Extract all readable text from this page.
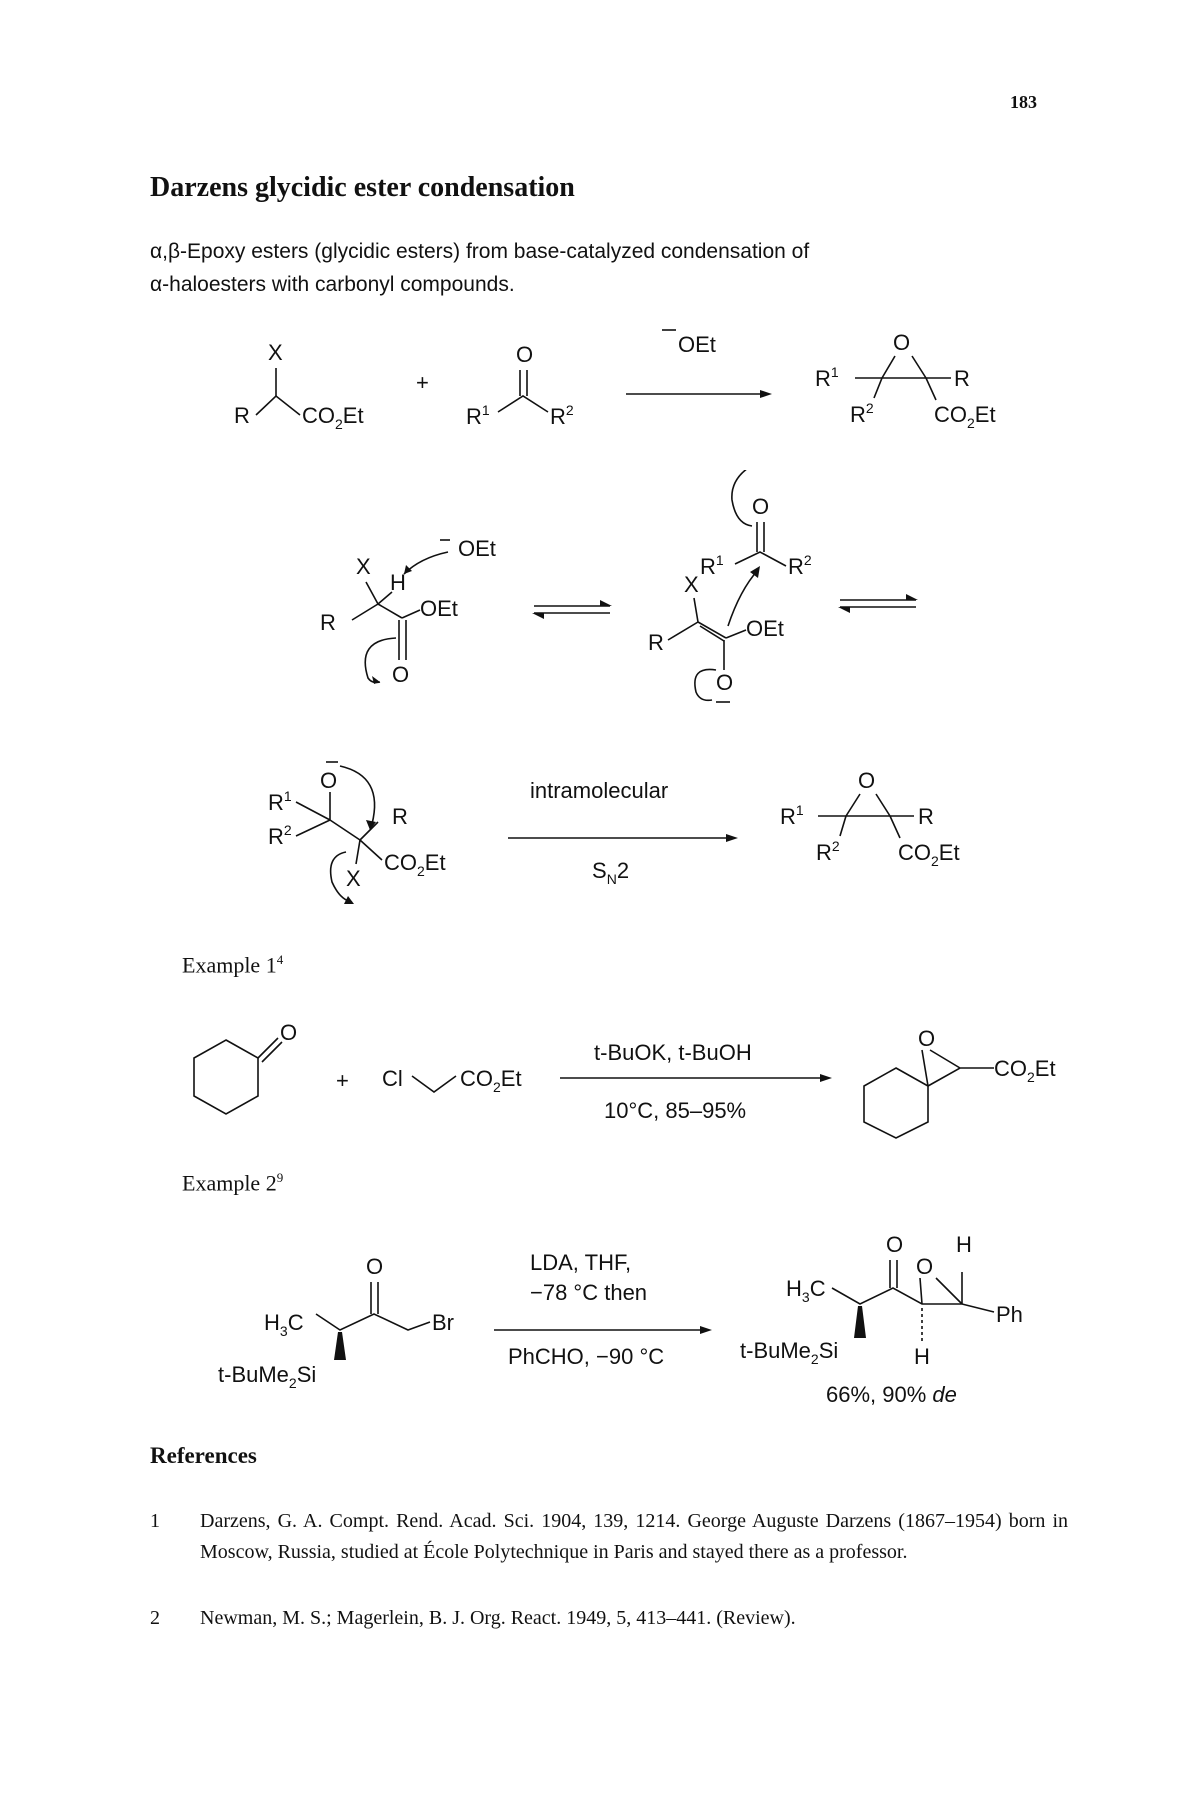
183
Darzens glycidic ester condensation
α,β-Epoxy esters (glycidic esters) from base-catalyzed condensation of
α-haloesters with carbonyl compounds.
X
R $CO_2Et$
+
O
$R^1$	$R^2$
OEt	O
$R^1$	R
$R^2$	$CO_2Et$
OEt
X
H
R
OEt
O
O
$R^1$	$R^2$
X
R
OEt
O
O
$R^1$
$R^2$
R
$CO_2Et$
X
intramolecular
$S_N2$
O
$R^1$	R
$R^2$	$CO_2Et$
Example $1^4$
O
+ Cl	$CO_2Et$
t-BuOK, t-BuOH
10°C, 85–95%
O
$CO_2Et$
Example $2^9$
O
Br
$H_3C$
t-BuMe$_2$Si
LDA, THF,
−78 °C then
PhCHO, −90 °C
O
O
H
Ph
H
$H_3C$
t-BuMe$_2$Si
66%, 90% de
References
1 Darzens, G. A. Compt. Rend. Acad. Sci. 1904, 139, 1214. George Auguste Darzens (1867–1954) born in Moscow, Russia, studied at École Polytechnique in Paris and stayed there as a professor.
2 Newman, M. S.; Magerlein, B. J. Org. React. 1949, 5, 413–441. (Review).
